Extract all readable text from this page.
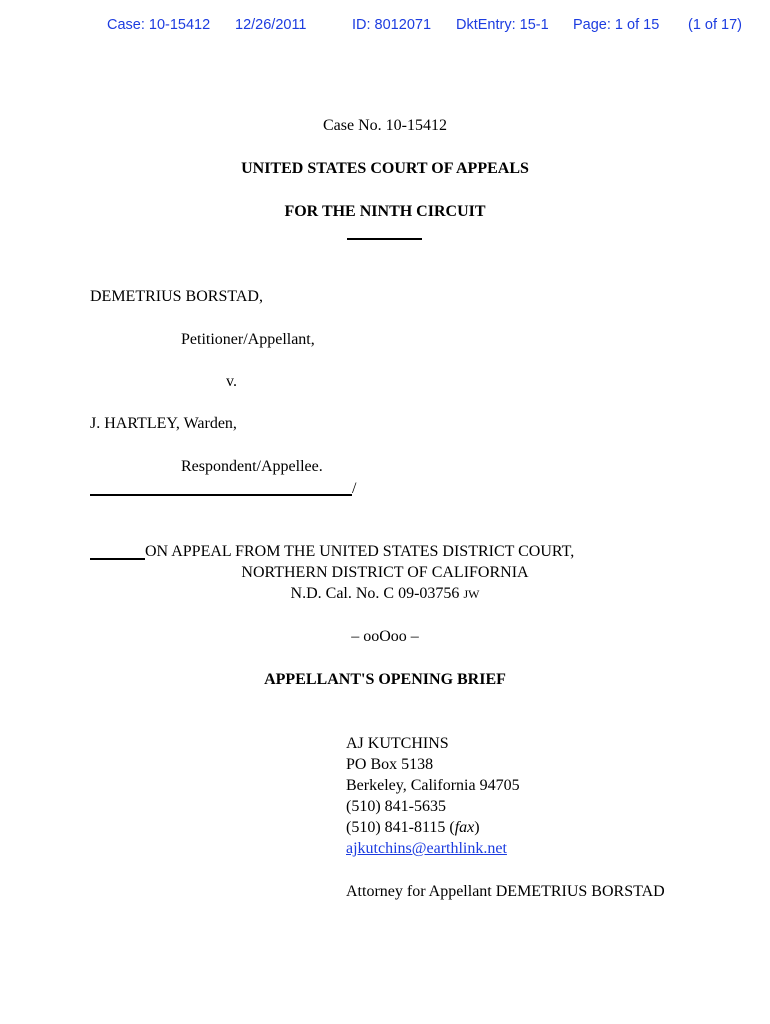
Case: 10-15412 12/26/2011	ID: 8012071 DktEntry: 15-1 Page: 1 of 15 (1 of 17)
Case No. 10-15412
UNITED STATES COURT OF APPEALS
FOR THE NINTH CIRCUIT
DEMETRIUS BORSTAD,
Petitioner/Appellant,
v.
J. HARTLEY, Warden,
Respondent/Appellee.
/
ON APPEAL FROM THE UNITED STATES DISTRICT COURT,
NORTHERN DISTRICT OF CALIFORNIA
N.D. Cal. No. C 09-03756 JW
– ooOoo –
APPELLANT'S OPENING BRIEF
AJ KUTCHINS
PO Box 5138
Berkeley, California 94705
(510) 841-5635
(510) 841-8115 (fax)
ajkutchins@earthlink.net
Attorney for Appellant DEMETRIUS BORSTAD
